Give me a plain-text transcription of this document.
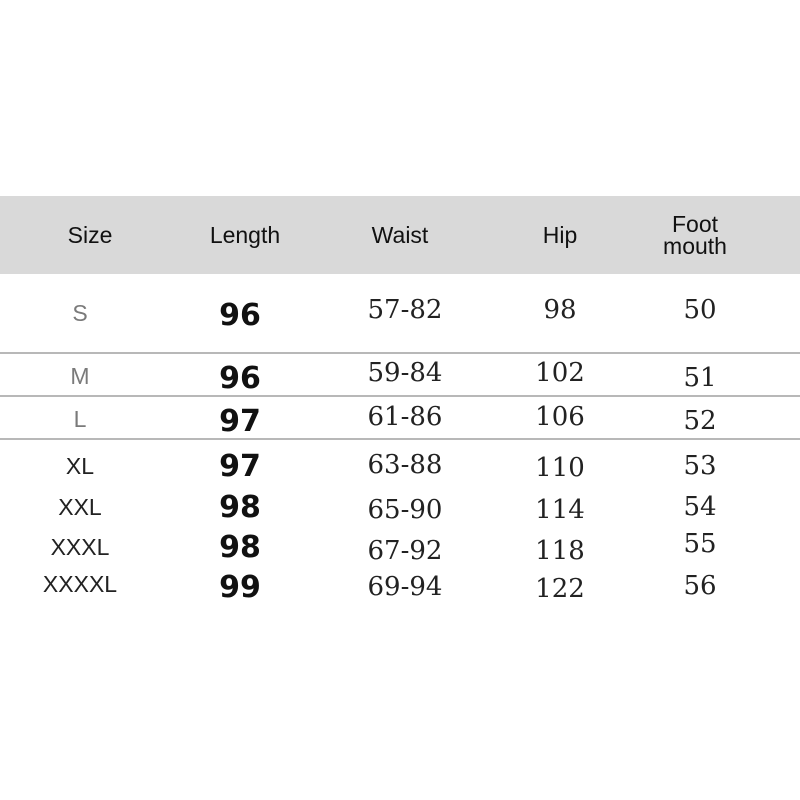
Size	Length	Waist	Hip	Foot
mouth
S	96	57-82	98	50
M	96	59-84	102	51
L	97	61-86	106	52
XL	97	63-88	110	53
XXL	98	65-90	114	54
XXXL	98	67-92	118	55
XXXXL	99	69-94	122	56
